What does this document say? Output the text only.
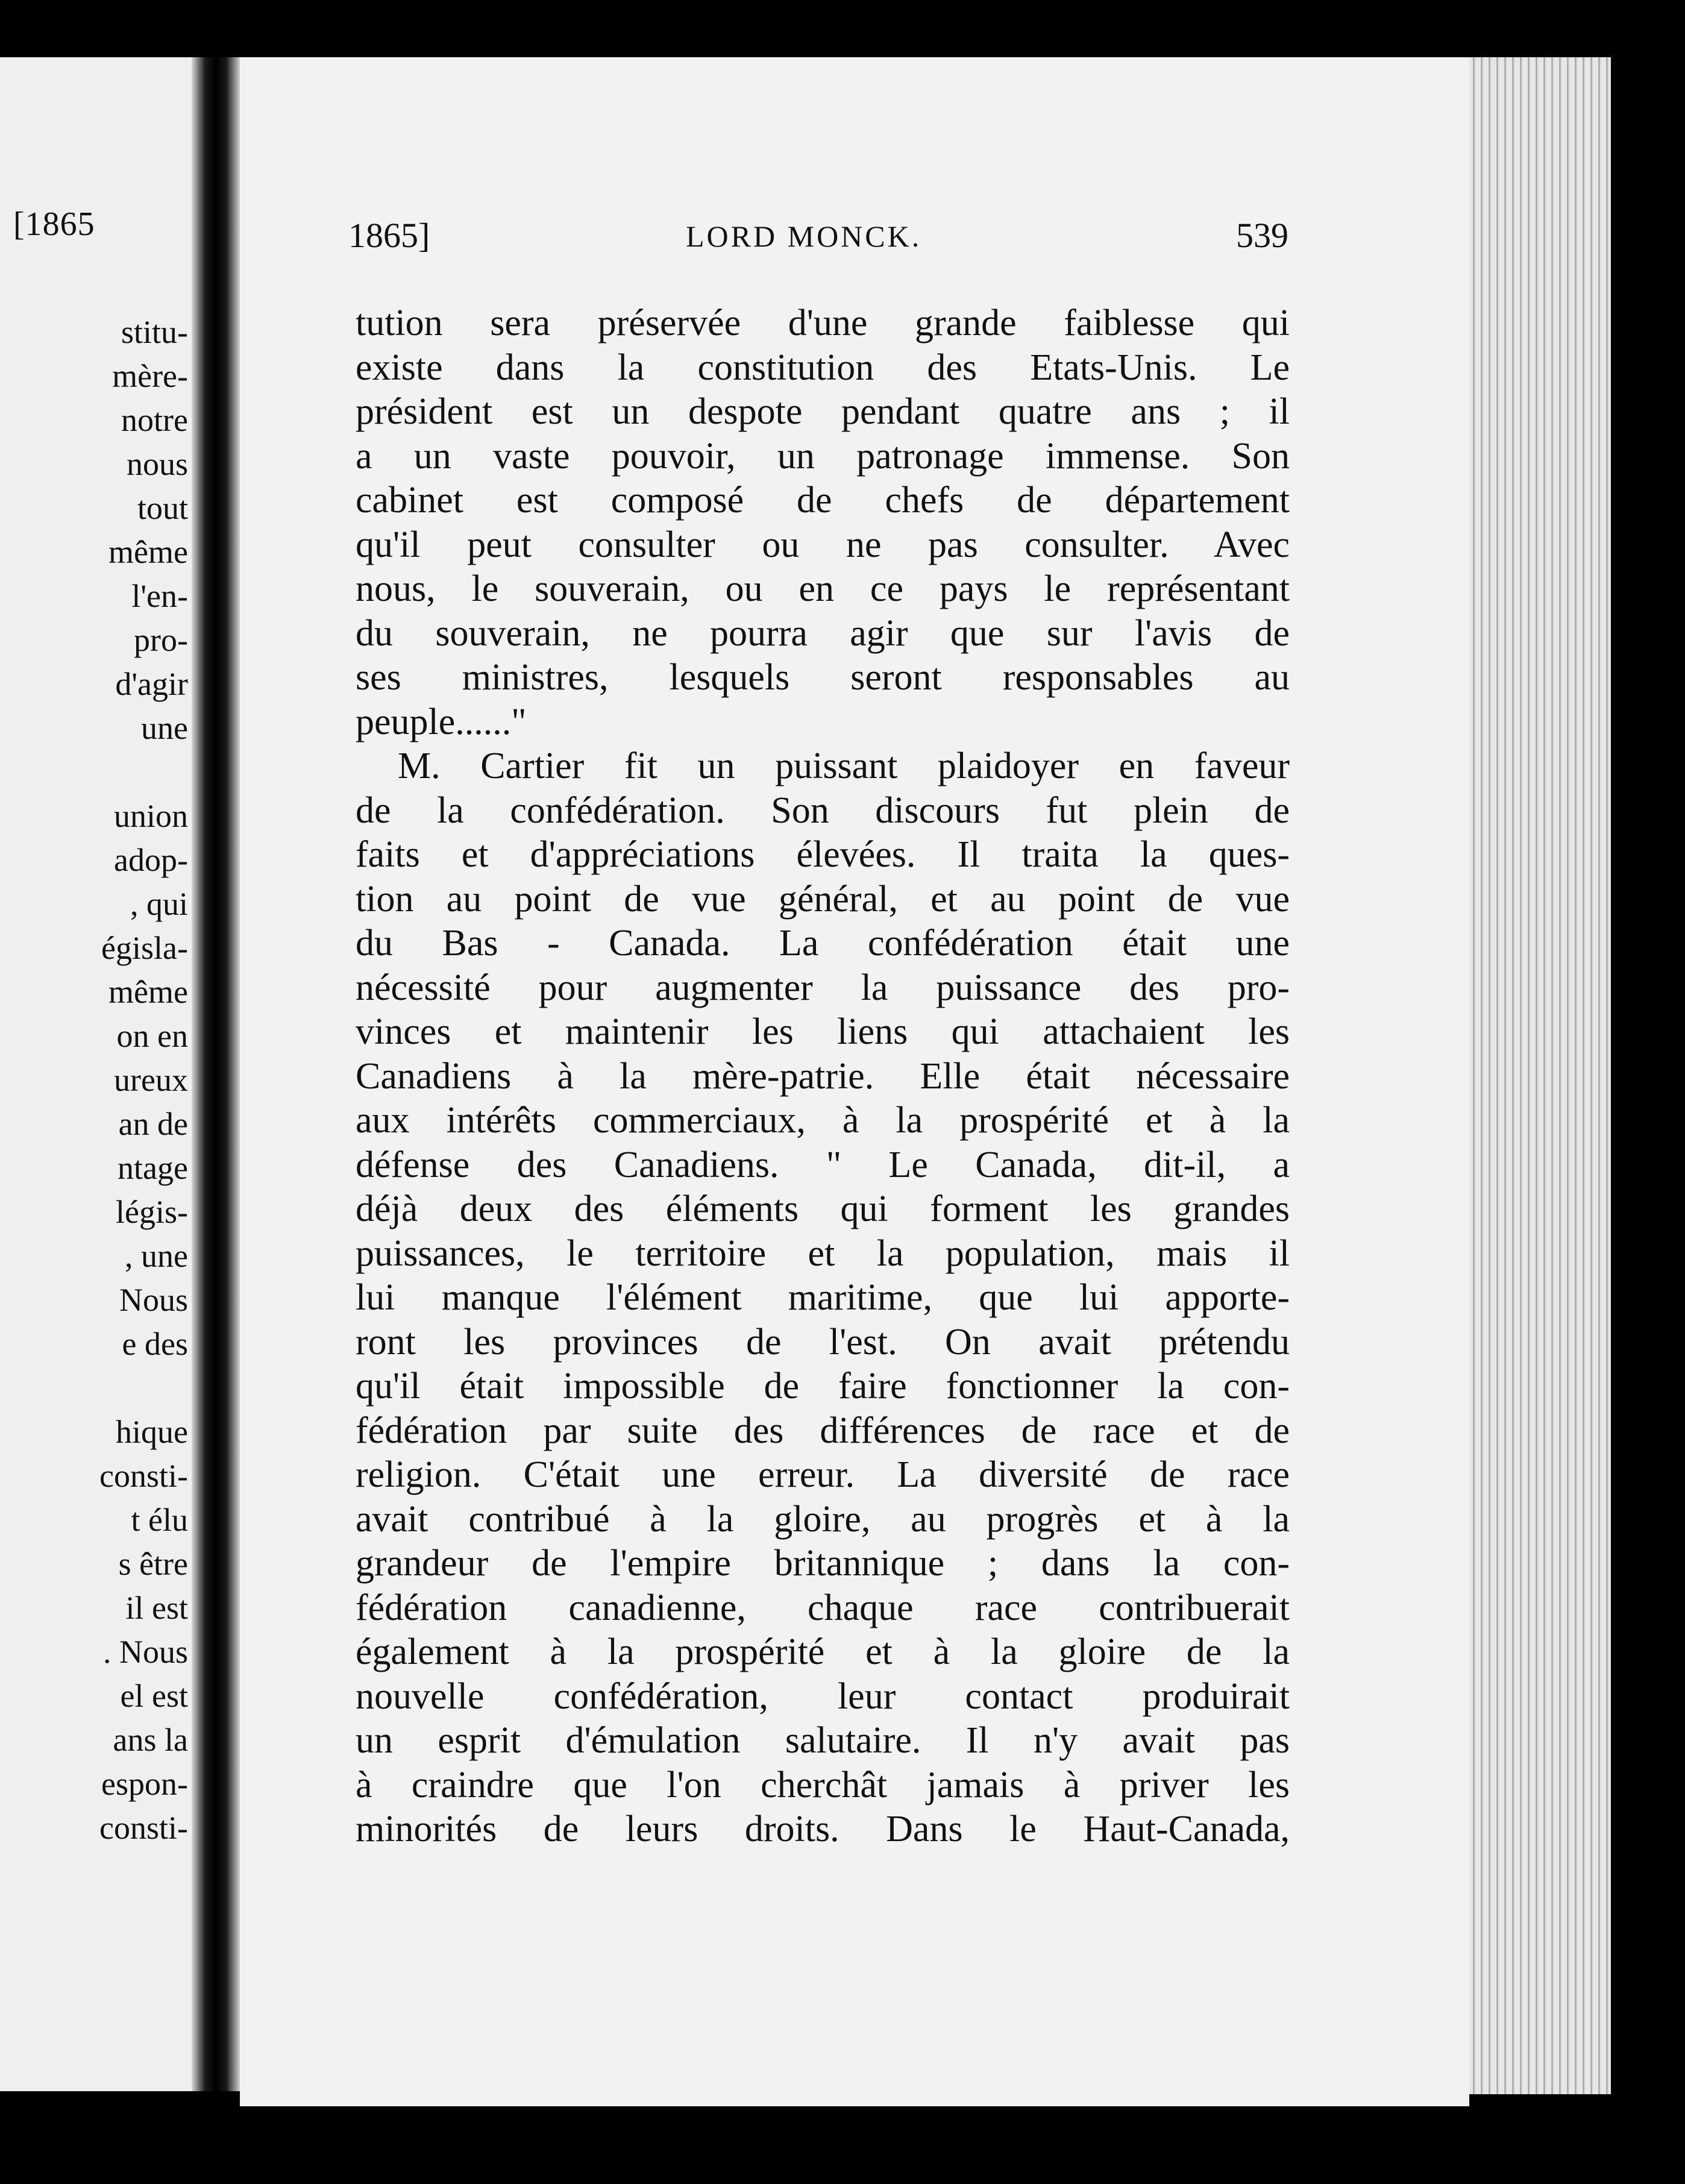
[1865
stitu-
mère-
notre
nous
tout
même
l'en-
pro-
d'agir
une
union
adop-
, qui
égisla-
même
on en
ureux
an de
ntage
légis-
, une
Nous
e des
hique
consti-
t élu
s être
il est
. Nous
el est
ans la
espon-
consti-
1865]	LORD MONCK.	539
tution sera préservée d'une grande faiblesse qui
existe dans la constitution des Etats-Unis. Le
président est un despote pendant quatre ans ; il
a un vaste pouvoir, un patronage immense. Son
cabinet est composé de chefs de département
qu'il peut consulter ou ne pas consulter. Avec
nous, le souverain, ou en ce pays le représentant
du souverain, ne pourra agir que sur l'avis de
ses ministres, lesquels seront responsables au
peuple......"
M. Cartier fit un puissant plaidoyer en faveur
de la confédération. Son discours fut plein de
faits et d'appréciations élevées. Il traita la ques-
tion au point de vue général, et au point de vue
du Bas - Canada. La confédération était une
nécessité pour augmenter la puissance des pro-
vinces et maintenir les liens qui attachaient les
Canadiens à la mère-patrie. Elle était nécessaire
aux intérêts commerciaux, à la prospérité et à la
défense des Canadiens. " Le Canada, dit-il, a
déjà deux des éléments qui forment les grandes
puissances, le territoire et la population, mais il
lui manque l'élément maritime, que lui apporte-
ront les provinces de l'est. On avait prétendu
qu'il était impossible de faire fonctionner la con-
fédération par suite des différences de race et de
religion. C'était une erreur. La diversité de race
avait contribué à la gloire, au progrès et à la
grandeur de l'empire britannique ; dans la con-
fédération canadienne, chaque race contribuerait
également à la prospérité et à la gloire de la
nouvelle confédération, leur contact produirait
un esprit d'émulation salutaire. Il n'y avait pas
à craindre que l'on cherchât jamais à priver les
minorités de leurs droits. Dans le Haut-Canada,
